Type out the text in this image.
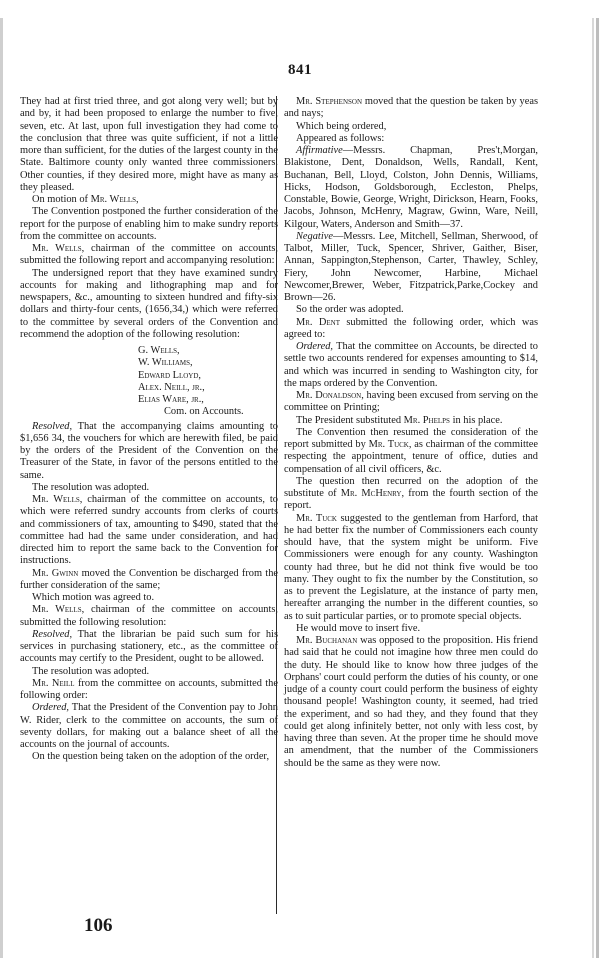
841

They had at first tried three, and got along very well; but by and by, it had been proposed to enlarge the number to five, seven, etc. At last, upon full investigation they had come to the conclusion that three was quite sufficient, if not a little more than sufficient, for the duties of the largest county in the State. Baltimore county only wanted three commissioners. Other counties, if they desired more, might have as many as they pleased.

On motion of Mr. Wells,

The Convention postponed the further consideration of the report for the purpose of enabling him to make sundry reports from the committee on accounts.

Mr. Wells, chairman of the committee on accounts, submitted the following report and accompanying resolution:

The undersigned report that they have examined sundry accounts for making and lithographing map and for newspapers, &c., amounting to sixteen hundred and fifty-six dollars and thirty-four cents, (1656,34,) which were referred to the committee by several orders of the Convention and recommend the adoption of the following resolution:

G. Wells,
W. Williams,
Edward Lloyd,
Alex. Neill, jr.,
Elias Ware, jr.,
Com. on Accounts.

Resolved, That the accompanying claims amounting to $1,656 34, the vouchers for which are herewith filed, be paid by the orders of the President of the Convention on the Treasurer of the State, in favor of the persons entitled to the same.

The resolution was adopted.

Mr. Wells, chairman of the committee on accounts, to which were referred sundry accounts from clerks of courts and commissioners of tax, amounting to $490, stated that the committee had had the same under consideration, and had directed him to report the same back to the Convention for instructions.

Mr. Gwinn moved the Convention be discharged from the further consideration of the same;

Which motion was agreed to.

Mr. Wells, chairman of the committee on accounts, submitted the following resolution:

Resolved, That the librarian be paid such sum for his services in purchasing stationery, etc., as the committee of accounts may certify to the President, ought to be allowed.

The resolution was adopted.

Mr. Neill from the committee on accounts, submitted the following order:

Ordered, That the President of the Convention pay to John W. Rider, clerk to the committee on accounts, the sum of seventy dollars, for making out a balance sheet of all the accounts on the journal of accounts.

On the question being taken on the adoption of the order,

Mr. Stephenson moved that the question be taken by yeas and nays;

Which being ordered,

Appeared as follows:

Affirmative—Messrs. Chapman, Pres't,Morgan, Blakistone, Dent, Donaldson, Wells, Randall, Kent, Buchanan, Bell, Lloyd, Colston, John Dennis, Williams, Hicks, Hodson, Goldsborough, Eccleston, Phelps, Constable, Bowie, George, Wright, Dirickson, Hearn, Fooks, Jacobs, Johnson, McHenry, Magraw, Gwinn, Ware, Neill, Kilgour, Waters, Anderson and Smith—37.

Negative—Messrs. Lee, Mitchell, Sellman, Sherwood, of Talbot, Miller, Tuck, Spencer, Shriver, Gaither, Biser, Annan, Sappington,Stephenson, Carter, Thawley, Schley, Fiery, John Newcomer, Harbine, Michael Newcomer,Brewer, Weber, Fitzpatrick,Parke,Cockey and Brown—26.

So the order was adopted.

Mr. Dent submitted the following order, which was agreed to:

Ordered, That the committee on Accounts, be directed to settle two accounts rendered for expenses amounting to $14, and which was incurred in sending to Washington city, for the maps ordered by the Convention.

Mr. Donaldson, having been excused from serving on the committee on Printing;

The President substituted Mr. Phelps in his place.

The Convention then resumed the consideration of the report submitted by Mr. Tuck, as chairman of the committee respecting the appointment, tenure of office, duties and compensation of all civil officers, &c.

The question then recurred on the adoption of the substitute of Mr. McHenry, from the fourth section of the report.

Mr. Tuck suggested to the gentleman from Harford, that he had better fix the number of Commissioners each county should have, that the system might be uniform. Five Commissioners were enough for any county. Washington county had three, but he did not think five would be too many. They ought to fix the number by the Constitution, so as to prevent the Legislature, at the instance of party men, hereafter arranging the number in the different counties, so as to suit particular parties, or to promote special objects.

He would move to insert five.

Mr. Buchanan was opposed to the proposition. His friend had said that he could not imagine how three men could do the duty. He should like to know how three judges of the Orphans' court could perform the duties of his county, or one judge of a county court could perform the business of eighty thousand people! Washington county, it seemed, had tried the experiment, and so had they, and they found that they could get along infinitely better, not only with less cost, by having three than seven. At the proper time he should move an amendment, that the number of the Commissioners should be the same as they were now.

106
